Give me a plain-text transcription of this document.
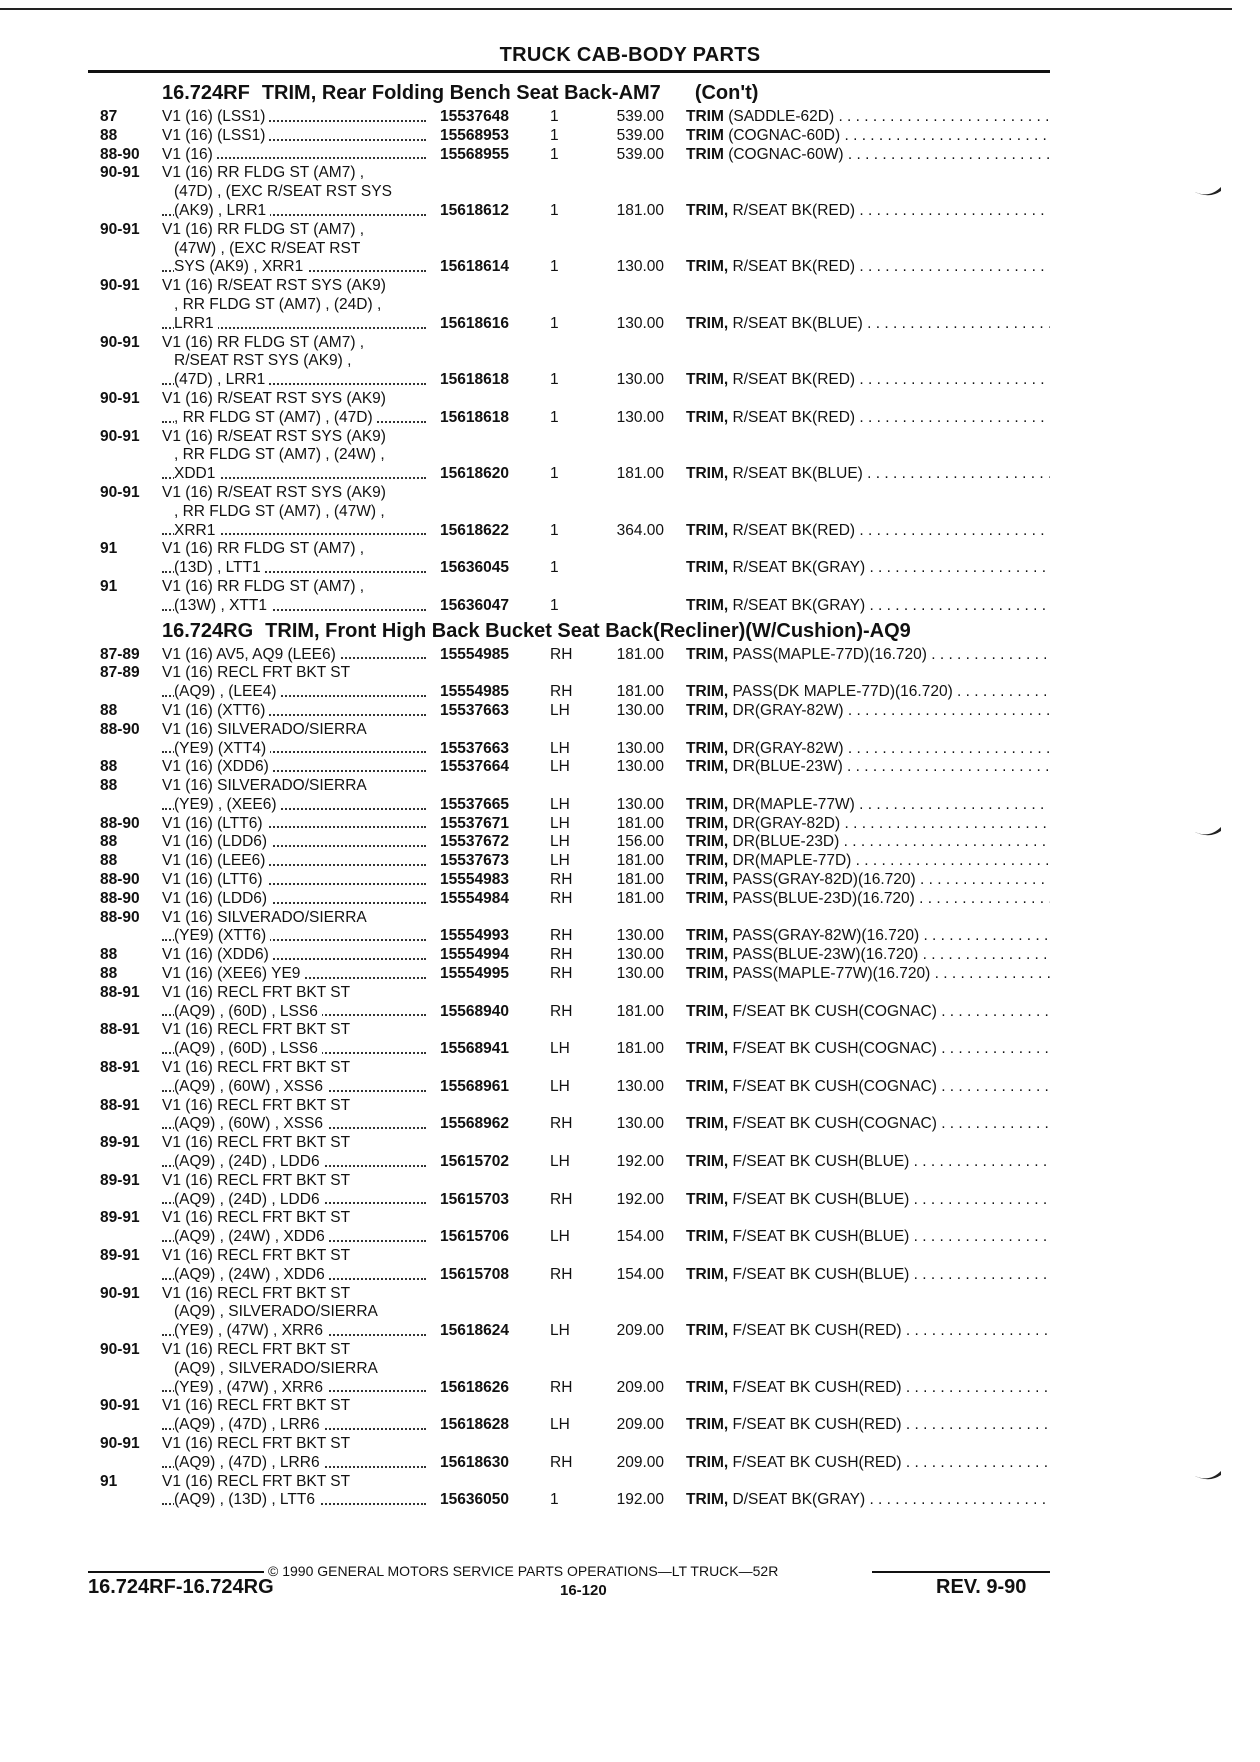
TRUCK CAB-BODY PARTS
16.724RF TRIM, Rear Folding Bench Seat Back-AM7 (Con't)
87	V1 (16) (LSS1)	15537648	1	539.00 TRIM (SADDLE-62D) . . .
88	V1 (16) (LSS1)	15568953	1	539.00 TRIM (COGNAC-60D) . . .
88-90	V1 (16)	15568955	1	539.00 TRIM (COGNAC-60W) . . .
90-91	V1 (16) RR FLDG ST (AM7) ,
(47D) , (EXC R/SEAT RST SYS
(AK9) , LRR1	15618612	1	181.00 TRIM, R/SEAT BK(RED) . . .
90-91	V1 (16) RR FLDG ST (AM7) ,
(47W) , (EXC R/SEAT RST
SYS (AK9) , XRR1	15618614	1	130.00 TRIM, R/SEAT BK(RED) . . .
90-91	V1 (16) R/SEAT RST SYS (AK9)
, RR FLDG ST (AM7) , (24D) ,
LRR1	15618616	1	130.00 TRIM, R/SEAT BK(BLUE) . . .
90-91	V1 (16) RR FLDG ST (AM7) ,
R/SEAT RST SYS (AK9) ,
(47D) , LRR1	15618618	1	130.00 TRIM, R/SEAT BK(RED) . . .
90-91	V1 (16) R/SEAT RST SYS (AK9)
, RR FLDG ST (AM7) , (47D)	15618618	1	130.00 TRIM, R/SEAT BK(RED) . . .
90-91	V1 (16) R/SEAT RST SYS (AK9)
, RR FLDG ST (AM7) , (24W) ,
XDD1	15618620	1	181.00 TRIM, R/SEAT BK(BLUE) . . .
90-91	V1 (16) R/SEAT RST SYS (AK9)
, RR FLDG ST (AM7) , (47W) ,
XRR1	15618622	1	364.00 TRIM, R/SEAT BK(RED) . . .
91	V1 (16) RR FLDG ST (AM7) ,
(13D) , LTT1	15636045	1	TRIM, R/SEAT BK(GRAY) . . .
91	V1 (16) RR FLDG ST (AM7) ,
(13W) , XTT1	15636047	1	TRIM, R/SEAT BK(GRAY) . . .
16.724RG TRIM, Front High Back Bucket Seat Back(Recliner)(W/Cushion)-AQ9
87-89	V1 (16) AV5, AQ9 (LEE6)	15554985	RH	181.00 TRIM, PASS(MAPLE-77D)(16.720) . . .
87-89	V1 (16) RECL FRT BKT ST
(AQ9) , (LEE4)	15554985	RH	181.00 TRIM, PASS(DK MAPLE-77D)(16.720) . . .
88	V1 (16) (XTT6)	15537663	LH	130.00 TRIM, DR(GRAY-82W) . . .
88-90	V1 (16) SILVERADO/SIERRA
(YE9) (XTT4)	15537663	LH	130.00 TRIM, DR(GRAY-82W) . . .
88	V1 (16) (XDD6)	15537664	LH	130.00 TRIM, DR(BLUE-23W) . . .
88	V1 (16) SILVERADO/SIERRA
(YE9) , (XEE6)	15537665	LH	130.00 TRIM, DR(MAPLE-77W) . . .
88-90	V1 (16) (LTT6)	15537671	LH	181.00 TRIM, DR(GRAY-82D) . . .
88	V1 (16) (LDD6)	15537672	LH	156.00 TRIM, DR(BLUE-23D) . . .
88	V1 (16) (LEE6)	15537673	LH	181.00 TRIM, DR(MAPLE-77D) . . .
88-90	V1 (16) (LTT6)	15554983	RH	181.00 TRIM, PASS(GRAY-82D)(16.720) . . .
88-90	V1 (16) (LDD6)	15554984	RH	181.00 TRIM, PASS(BLUE-23D)(16.720) . . .
88-90	V1 (16) SILVERADO/SIERRA
(YE9) (XTT6)	15554993	RH	130.00 TRIM, PASS(GRAY-82W)(16.720) . . .
88	V1 (16) (XDD6)	15554994	RH	130.00 TRIM, PASS(BLUE-23W)(16.720) . . .
88	V1 (16) (XEE6) YE9	15554995	RH	130.00 TRIM, PASS(MAPLE-77W)(16.720) . . .
88-91	V1 (16) RECL FRT BKT ST
(AQ9) , (60D) , LSS6	15568940	RH	181.00 TRIM, F/SEAT BK CUSH(COGNAC) . . .
88-91	V1 (16) RECL FRT BKT ST
(AQ9) , (60D) , LSS6	15568941	LH	181.00 TRIM, F/SEAT BK CUSH(COGNAC) . . .
88-91	V1 (16) RECL FRT BKT ST
(AQ9) , (60W) , XSS6	15568961	LH	130.00 TRIM, F/SEAT BK CUSH(COGNAC) . . .
88-91	V1 (16) RECL FRT BKT ST
(AQ9) , (60W) , XSS6	15568962	RH	130.00 TRIM, F/SEAT BK CUSH(COGNAC) . . .
89-91	V1 (16) RECL FRT BKT ST
(AQ9) , (24D) , LDD6	15615702	LH	192.00 TRIM, F/SEAT BK CUSH(BLUE) . . .
89-91	V1 (16) RECL FRT BKT ST
(AQ9) , (24D) , LDD6	15615703	RH	192.00 TRIM, F/SEAT BK CUSH(BLUE) . . .
89-91	V1 (16) RECL FRT BKT ST
(AQ9) , (24W) , XDD6	15615706	LH	154.00 TRIM, F/SEAT BK CUSH(BLUE) . . .
89-91	V1 (16) RECL FRT BKT ST
(AQ9) , (24W) , XDD6	15615708	RH	154.00 TRIM, F/SEAT BK CUSH(BLUE) . . .
90-91	V1 (16) RECL FRT BKT ST
(AQ9) , SILVERADO/SIERRA
(YE9) , (47W) , XRR6	15618624	LH	209.00 TRIM, F/SEAT BK CUSH(RED) . . .
90-91	V1 (16) RECL FRT BKT ST
(AQ9) , SILVERADO/SIERRA
(YE9) , (47W) , XRR6	15618626	RH	209.00 TRIM, F/SEAT BK CUSH(RED) . . .
90-91	V1 (16) RECL FRT BKT ST
(AQ9) , (47D) , LRR6	15618628	LH	209.00 TRIM, F/SEAT BK CUSH(RED) . . .
90-91	V1 (16) RECL FRT BKT ST
(AQ9) , (47D) , LRR6	15618630	RH	209.00 TRIM, F/SEAT BK CUSH(RED) . . .
91	V1 (16) RECL FRT BKT ST
(AQ9) , (13D) , LTT6	15636050	1	192.00 TRIM, D/SEAT BK(GRAY) . . .
© 1990 GENERAL MOTORS SERVICE PARTS OPERATIONS—LT TRUCK—52R
16.724RF-16.724RG	16-120	REV. 9-90
